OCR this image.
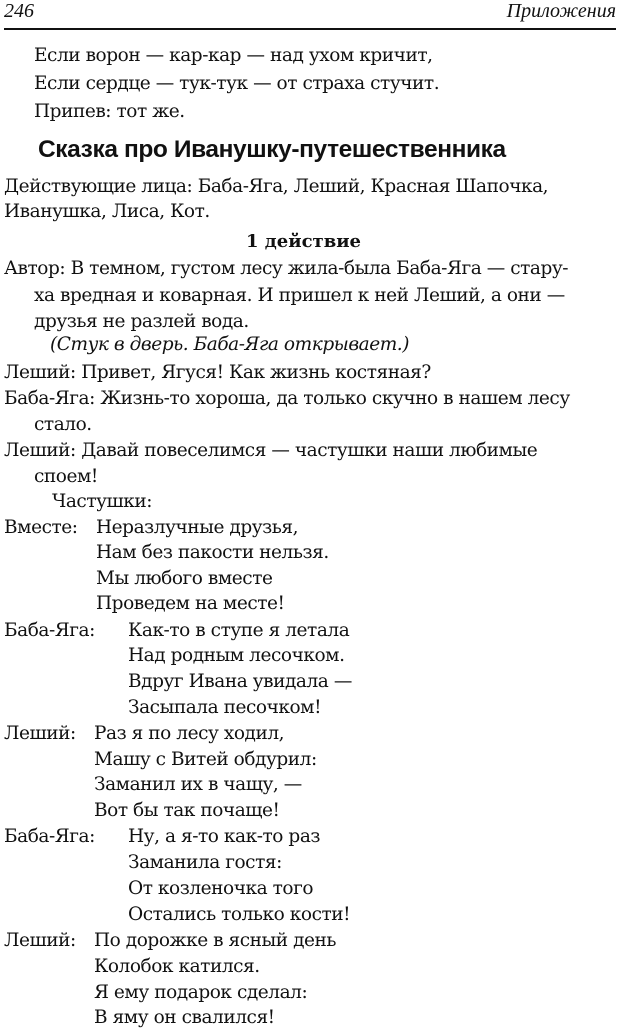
246	Приложения
Если ворон — кар-кар — над ухом кричит,
Если сердце — тук-тук — от страха стучит.
Припев: тот же.
Сказка про Иванушку-путешественника
Действующие лица: Баба-Яга, Леший, Красная Шапочка,
Иванушка, Лиса, Кот.
1 действие
Автор: В темном, густом лесу жила-была Баба-Яга — стару-
ха вредная и коварная. И пришел к ней Леший, а они —
друзья не разлей вода.
(Стук в дверь. Баба-Яга открывает.)
Леший: Привет, Ягуся! Как жизнь костяная?
Баба-Яга: Жизнь-то хороша, да только скучно в нашем лесу
стало.
Леший: Давай повеселимся — частушки наши любимые
споем!
Частушки:
Вместе: Неразлучные друзья,
Нам без пакости нельзя.
Мы любого вместе
Проведем на месте!
Баба-Яга: Как-то в ступе я летала
Над родным лесочком.
Вдруг Ивана увидала —
Засыпала песочком!
Леший: Раз я по лесу ходил,
Машу с Витей обдурил:
Заманил их в чащу, —
Вот бы так почаще!
Баба-Яга: Ну, а я-то как-то раз
Заманила гостя:
От козленочка того
Остались только кости!
Леший: По дорожке в ясный день
Колобок катился.
Я ему подарок сделал:
В яму он свалился!
